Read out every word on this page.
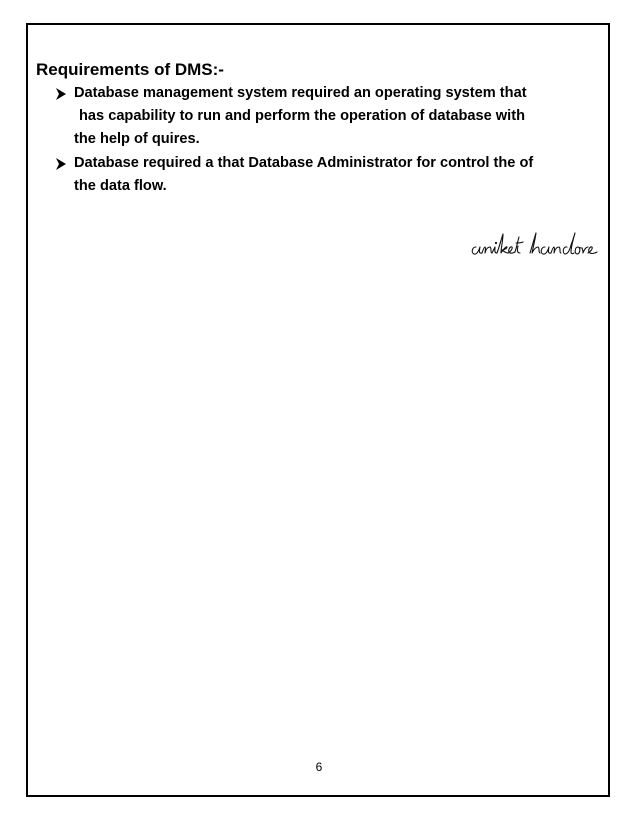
Requirements of DMS:-
Database management system required an operating system that
has capability to run and perform the operation of database with
the help of quires.
Database required a that Database Administrator for control the of
the data flow.
6
